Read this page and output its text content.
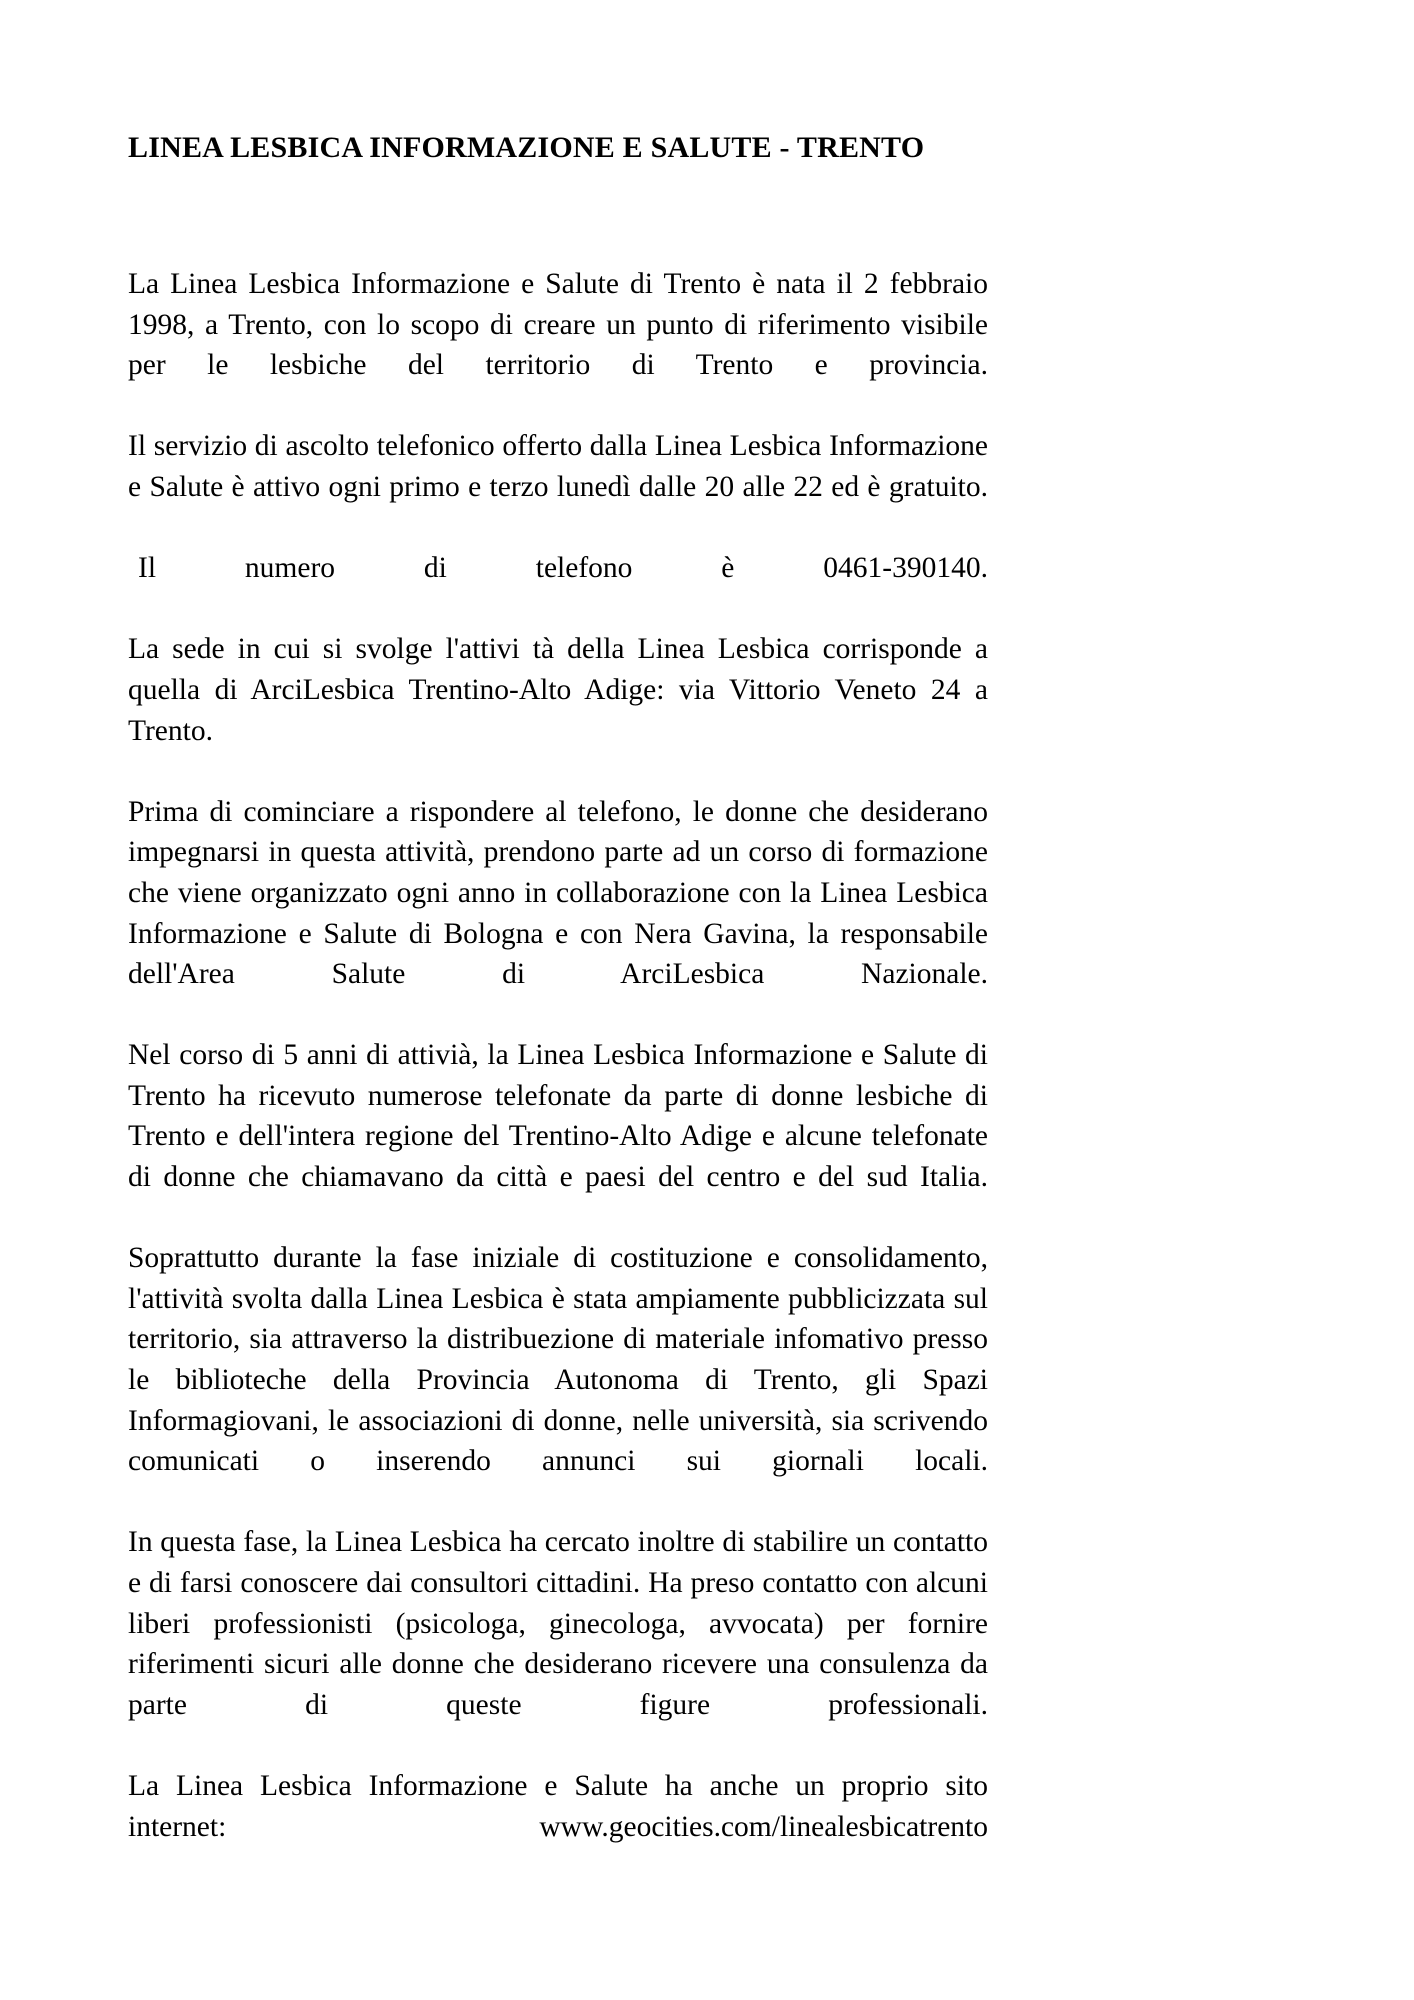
LINEA LESBICA INFORMAZIONE E SALUTE - TRENTO

La Linea Lesbica Informazione e Salute di Trento è nata il 2 febbraio 1998, a Trento, con lo scopo di creare un punto di riferimento visibile per le lesbiche del territorio di Trento e provincia.

Il servizio di ascolto telefonico offerto dalla Linea Lesbica Informazione e Salute è attivo ogni primo e terzo lunedì dalle 20 alle 22 ed è gratuito.

Il numero di telefono è 0461-390140.

La sede in cui si svolge l'attivi tà della Linea Lesbica corrisponde a quella di ArciLesbica Trentino-Alto Adige: via Vittorio Veneto 24 a Trento.

Prima di cominciare a rispondere al telefono, le donne che desiderano impegnarsi in questa attività, prendono parte ad un corso di formazione che viene organizzato ogni anno in collaborazione con la Linea Lesbica Informazione e Salute di Bologna e con Nera Gavina, la responsabile dell'Area Salute di ArciLesbica Nazionale.

Nel corso di 5 anni di attivià, la Linea Lesbica Informazione e Salute di Trento ha ricevuto numerose telefonate da parte di donne lesbiche di Trento e dell'intera regione del Trentino-Alto Adige e alcune telefonate di donne che chiamavano da città e paesi del centro e del sud Italia.

Soprattutto durante la fase iniziale di costituzione e consolidamento, l'attività svolta dalla Linea Lesbica è stata ampiamente pubblicizzata sul territorio, sia attraverso la distribuezione di materiale infomativo presso le biblioteche della Provincia Autonoma di Trento, gli Spazi Informagiovani, le associazioni di donne, nelle università, sia scrivendo comunicati o inserendo annunci sui giornali locali.

In questa fase, la Linea Lesbica ha cercato inoltre di stabilire un contatto e di farsi conoscere dai consultori cittadini. Ha preso contatto con alcuni liberi professionisti (psicologa, ginecologa, avvocata) per fornire riferimenti sicuri alle donne che desiderano ricevere una consulenza da parte di queste figure professionali.

La Linea Lesbica Informazione e Salute ha anche un proprio sito internet: www.geocities.com/linealesbicatrento
